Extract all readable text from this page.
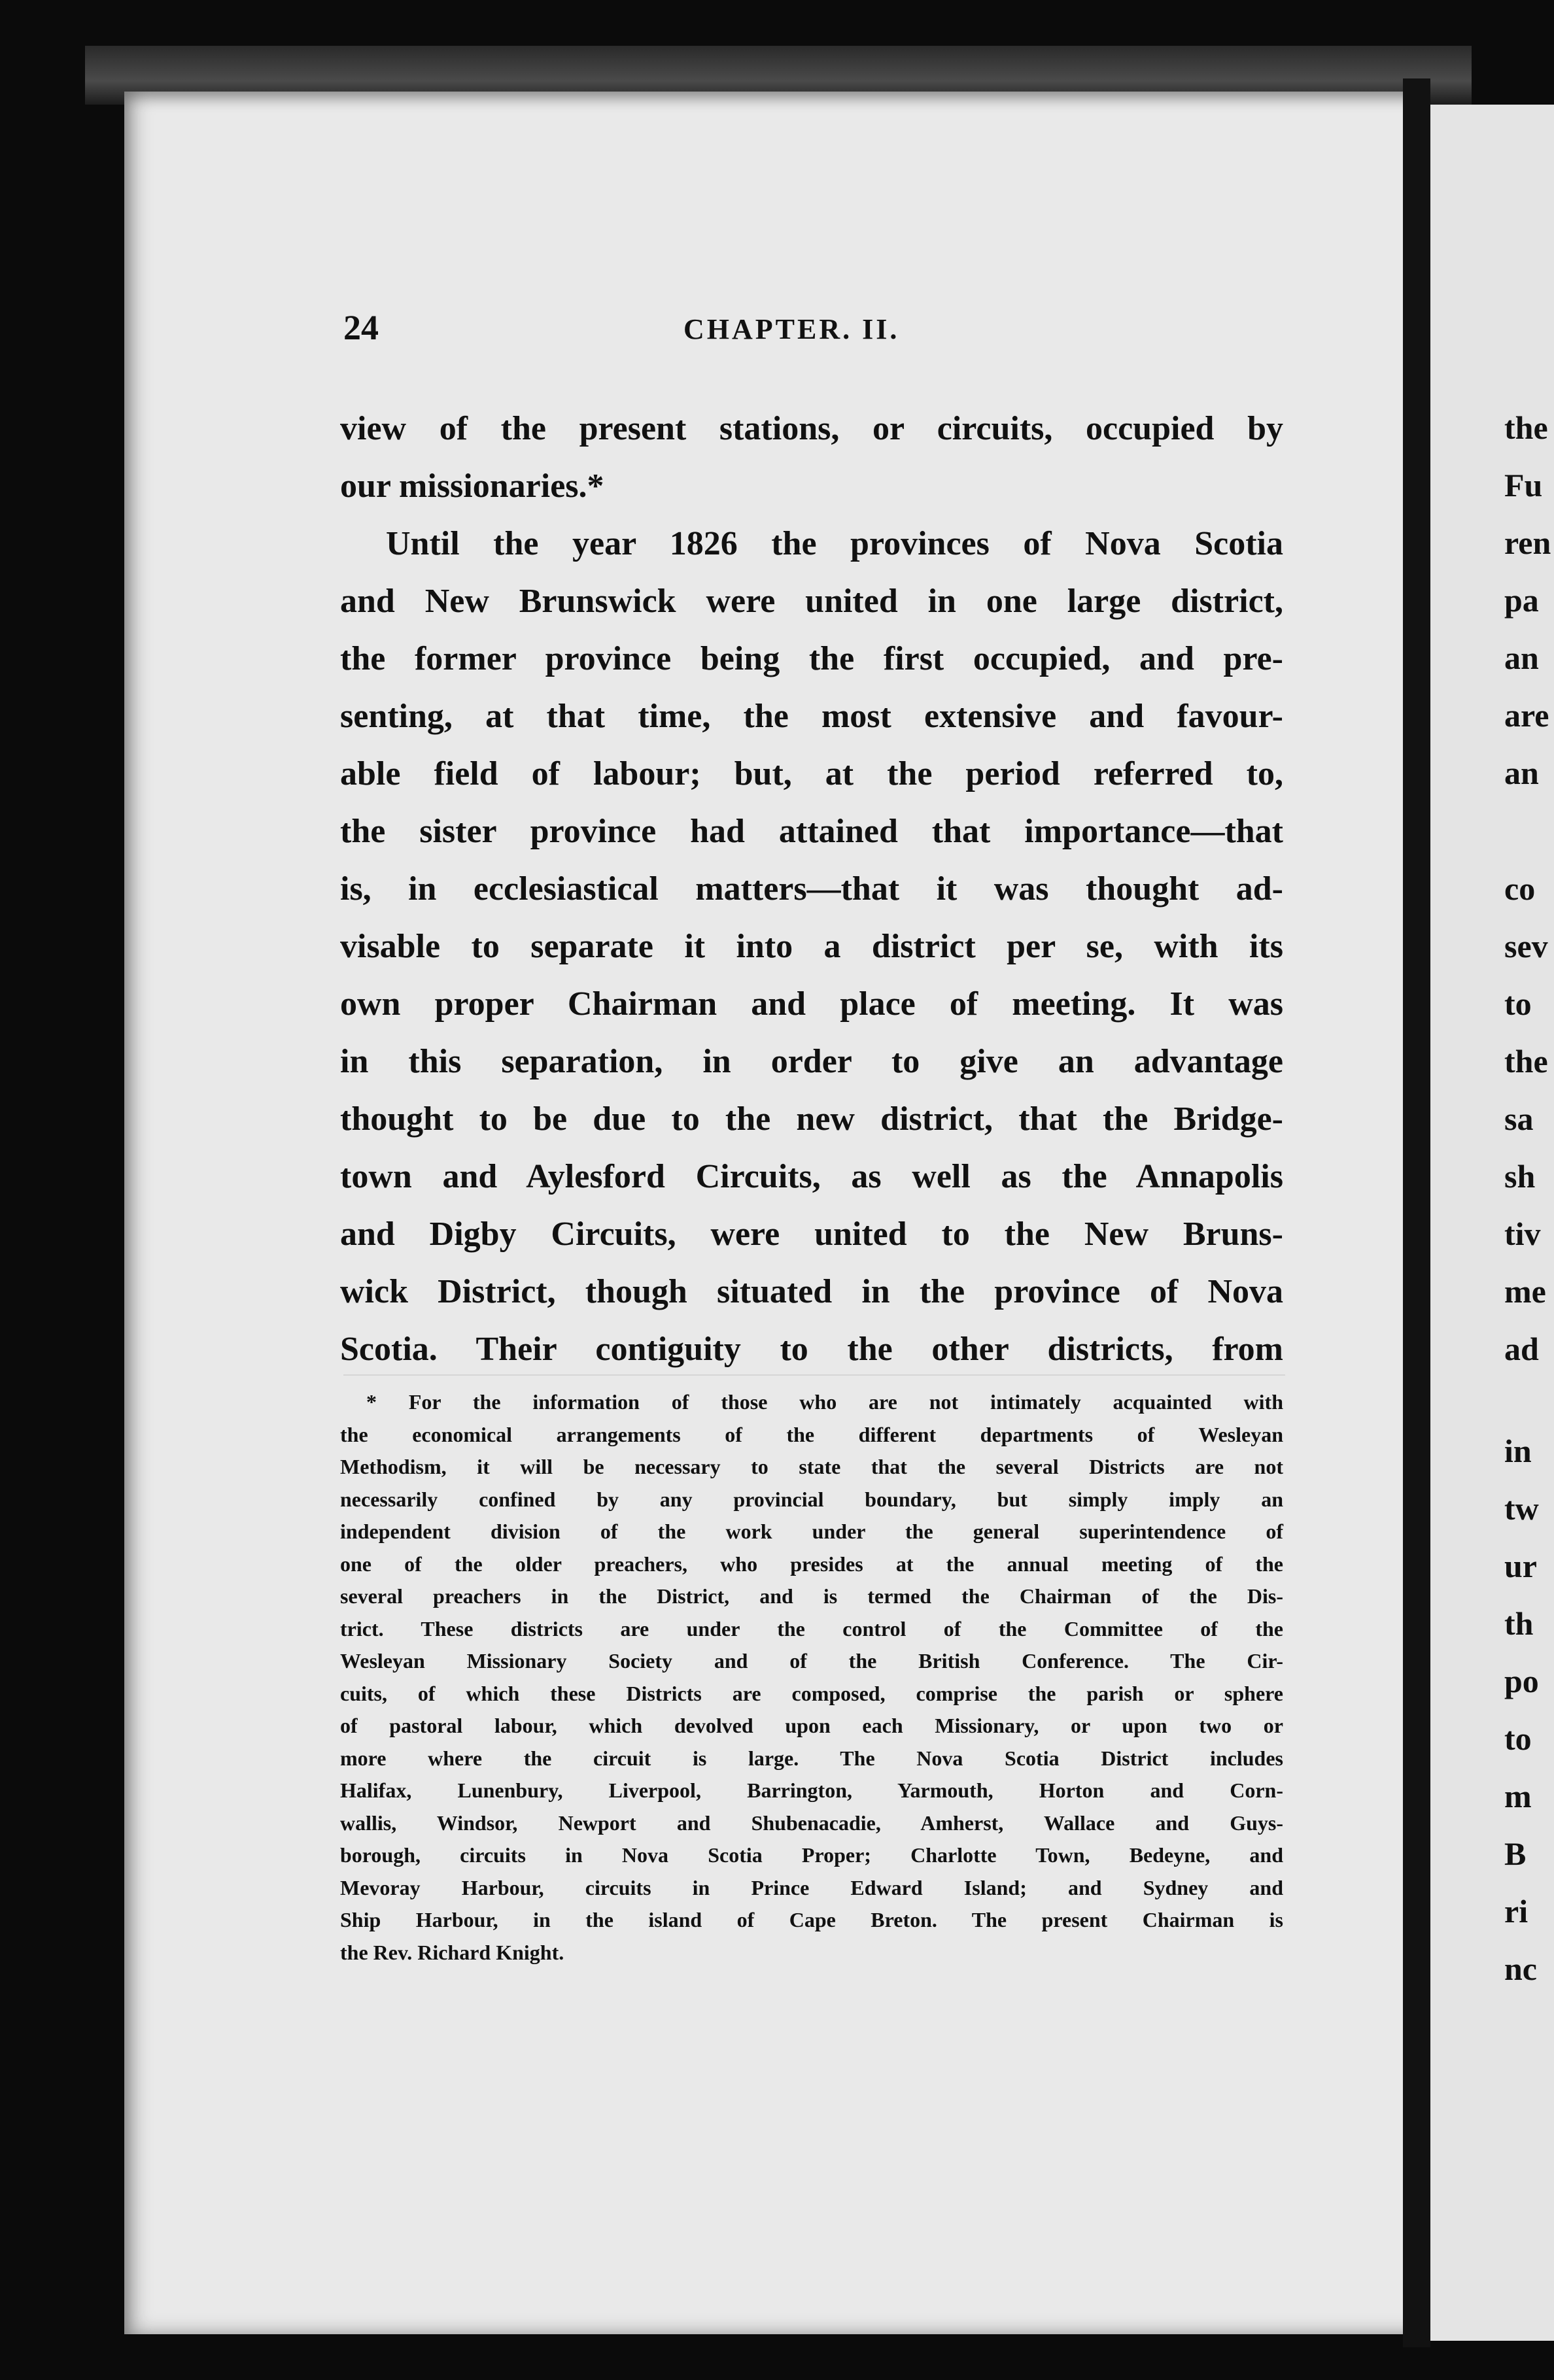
24	CHAPTER. II.
view of the present stations, or circuits, occupied by
our missionaries.*
Until the year 1826 the provinces of Nova Scotia
and New Brunswick were united in one large district,
the former province being the first occupied, and pre-
senting, at that time, the most extensive and favour-
able field of labour; but, at the period referred to,
the sister province had attained that importance—that
is, in ecclesiastical matters—that it was thought ad-
visable to separate it into a district per se, with its
own proper Chairman and place of meeting. It was
in this separation, in order to give an advantage
thought to be due to the new district, that the Bridge-
town and Aylesford Circuits, as well as the Annapolis
and Digby Circuits, were united to the New Bruns-
wick District, though situated in the province of Nova
Scotia. Their contiguity to the other districts, from
* For the information of those who are not intimately acquainted with
the economical arrangements of the different departments of Wesleyan
Methodism, it will be necessary to state that the several Districts are not
necessarily confined by any provincial boundary, but simply imply an
independent division of the work under the general superintendence of
one of the older preachers, who presides at the annual meeting of the
several preachers in the District, and is termed the Chairman of the Dis-
trict. These districts are under the control of the Committee of the
Wesleyan Missionary Society and of the British Conference. The Cir-
cuits, of which these Districts are composed, comprise the parish or sphere
of pastoral labour, which devolved upon each Missionary, or upon two or
more where the circuit is large. The Nova Scotia District includes
Halifax, Lunenbury, Liverpool, Barrington, Yarmouth, Horton and Corn-
wallis, Windsor, Newport and Shubenacadie, Amherst, Wallace and Guys-
borough, circuits in Nova Scotia Proper; Charlotte Town, Bedeyne, and
Mevoray Harbour, circuits in Prince Edward Island; and Sydney and
Ship Harbour, in the island of Cape Breton. The present Chairman is
the Rev. Richard Knight.
the
Fu
ren
pa
an
are
an
co
sev
to
the
sa
sh
tiv
me
ad
in
tw
ur
th
po
to
m
B
ri
nc
